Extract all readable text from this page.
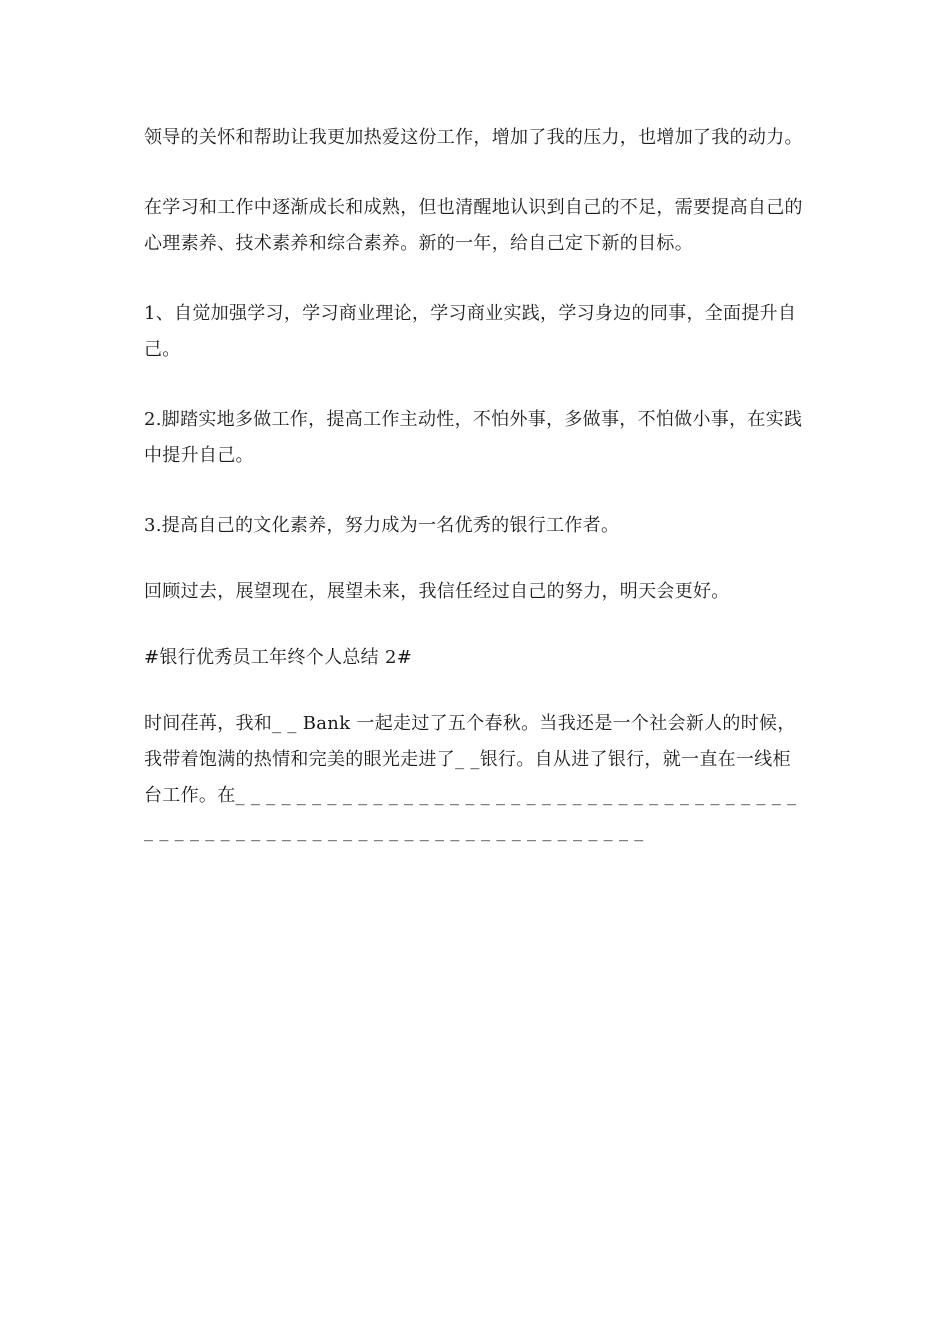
领导的关怀和帮助让我更加热爱这份工作，增加了我的压力，也增加了我的动力。

在学习和工作中逐渐成长和成熟，但也清醒地认识到自己的不足，需要提高自己的心理素养、技术素养和综合素养。新的一年，给自己定下新的目标。

1、自觉加强学习，学习商业理论，学习商业实践，学习身边的同事，全面提升自己。

2.脚踏实地多做工作，提高工作主动性，不怕外事，多做事，不怕做小事，在实践中提升自己。

3.提高自己的文化素养，努力成为一名优秀的银行工作者。

回顾过去，展望现在，展望未来，我信任经过自己的努力，明天会更好。

#银行优秀员工年终个人总结 2#

时间荏苒，我和_ _ Bank 一起走过了五个春秋。当我还是一个社会新人的时候，我带着饱满的热情和完美的眼光走进了_ _银行。自从进了银行，就一直在一线柜台工作。在_ _ _ _ _ _ _ _ _ _ _ _ _ _ _ _ _ _ _ _ _ _ _ _ _ _ _ _ _ _ _ _ _ _ _ _ _ _ _ _ _ _ _ _ _ _ _ _ _ _ _ _ _ _ _ _ _ _ _ _ _ _ _ _ _ _ _ _ _ _
